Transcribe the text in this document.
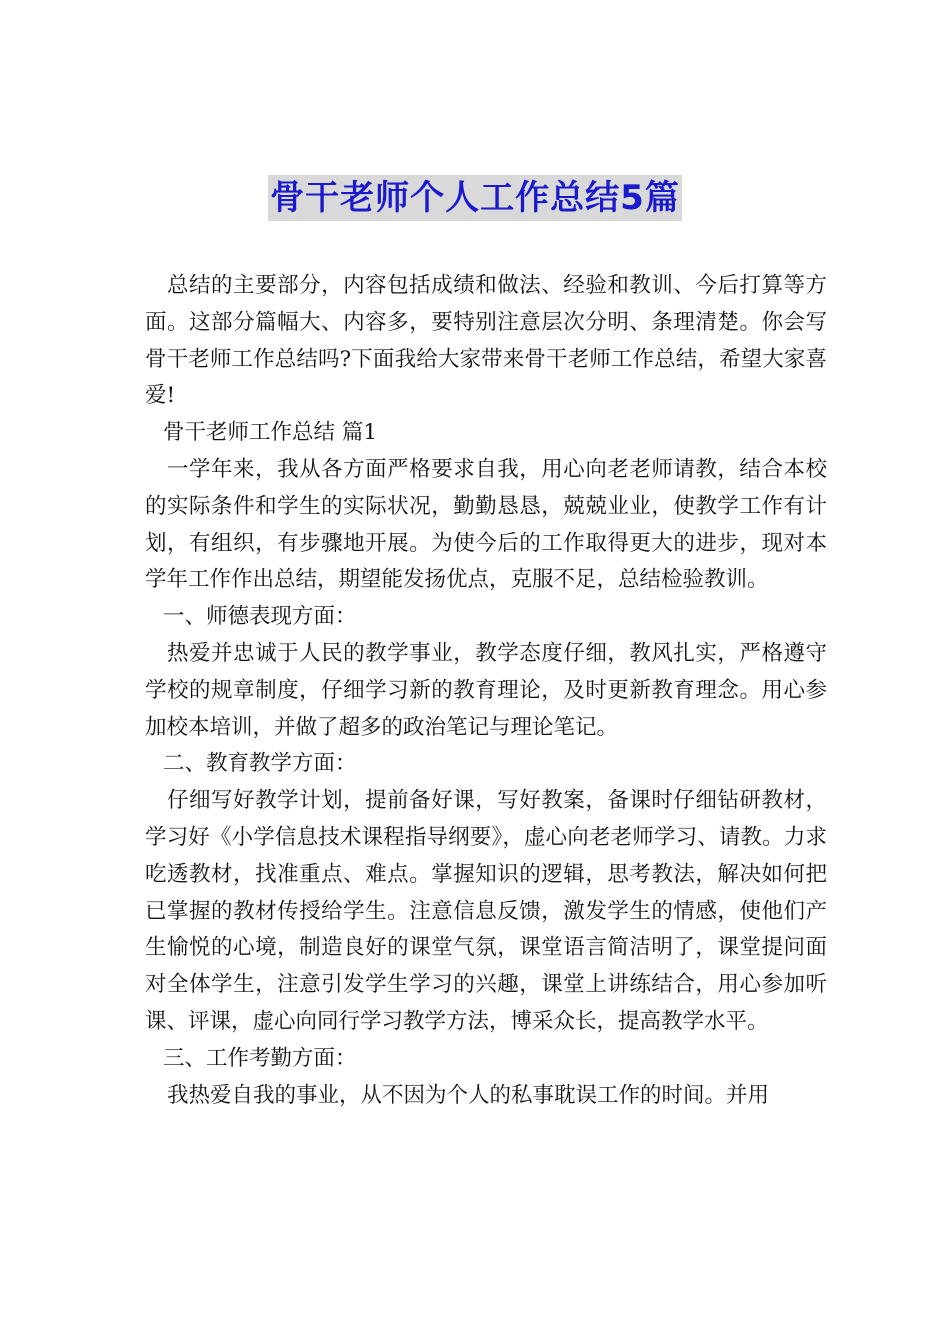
骨干老师个人工作总结5篇

总结的主要部分，内容包括成绩和做法、经验和教训、今后打算等方面。这部分篇幅大、内容多，要特别注意层次分明、条理清楚。你会写骨干老师工作总结吗?下面我给大家带来骨干老师工作总结，希望大家喜爱!

骨干老师工作总结 篇1

一学年来，我从各方面严格要求自我，用心向老老师请教，结合本校的实际条件和学生的实际状况，勤勤恳恳，兢兢业业，使教学工作有计划，有组织，有步骤地开展。为使今后的工作取得更大的进步，现对本学年工作作出总结，期望能发扬优点，克服不足，总结检验教训。

一、师德表现方面：

热爱并忠诚于人民的教学事业，教学态度仔细，教风扎实，严格遵守学校的规章制度，仔细学习新的教育理论，及时更新教育理念。用心参加校本培训，并做了超多的政治笔记与理论笔记。

二、教育教学方面：

仔细写好教学计划，提前备好课，写好教案，备课时仔细钻研教材，学习好《小学信息技术课程指导纲要》，虚心向老老师学习、请教。力求吃透教材，找准重点、难点。掌握知识的逻辑，思考教法，解决如何把已掌握的教材传授给学生。注意信息反馈，激发学生的情感，使他们产生愉悦的心境，制造良好的课堂气氛，课堂语言简洁明了，课堂提问面对全体学生，注意引发学生学习的兴趣，课堂上讲练结合，用心参加听课、评课，虚心向同行学习教学方法，博采众长，提高教学水平。

三、工作考勤方面：

我热爱自我的事业，从不因为个人的私事耽误工作的时间。并用
